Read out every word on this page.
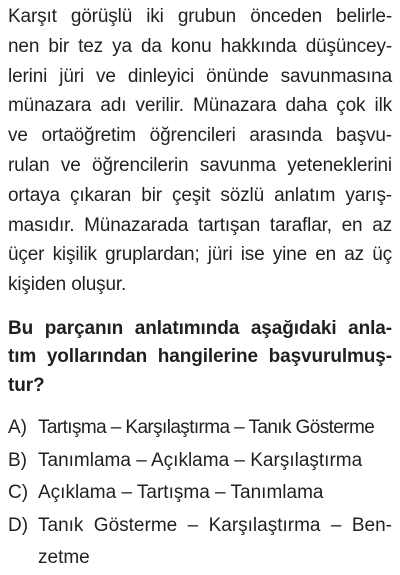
Karşıt görüşlü iki grubun önceden belirle-
nen bir tez ya da konu hakkında düşüncey-
lerini jüri ve dinleyici önünde savunmasına
münazara adı verilir. Münazara daha çok ilk
ve ortaöğretim öğrencileri arasında başvu-
rulan ve öğrencilerin savunma yeteneklerini
ortaya çıkaran bir çeşit sözlü anlatım yarış-
masıdır. Münazarada tartışan taraflar, en az
üçer kişilik gruplardan; jüri ise yine en az üç
kişiden oluşur.
Bu parçanın anlatımında aşağıdaki anla-
tım yollarından hangilerine başvurulmuş-
tur?
A) Tartışma – Karşılaştırma – Tanık Gösterme
B) Tanımlama – Açıklama – Karşılaştırma
C) Açıklama – Tartışma – Tanımlama
D) Tanık Gösterme – Karşılaştırma – Ben-
zetme
